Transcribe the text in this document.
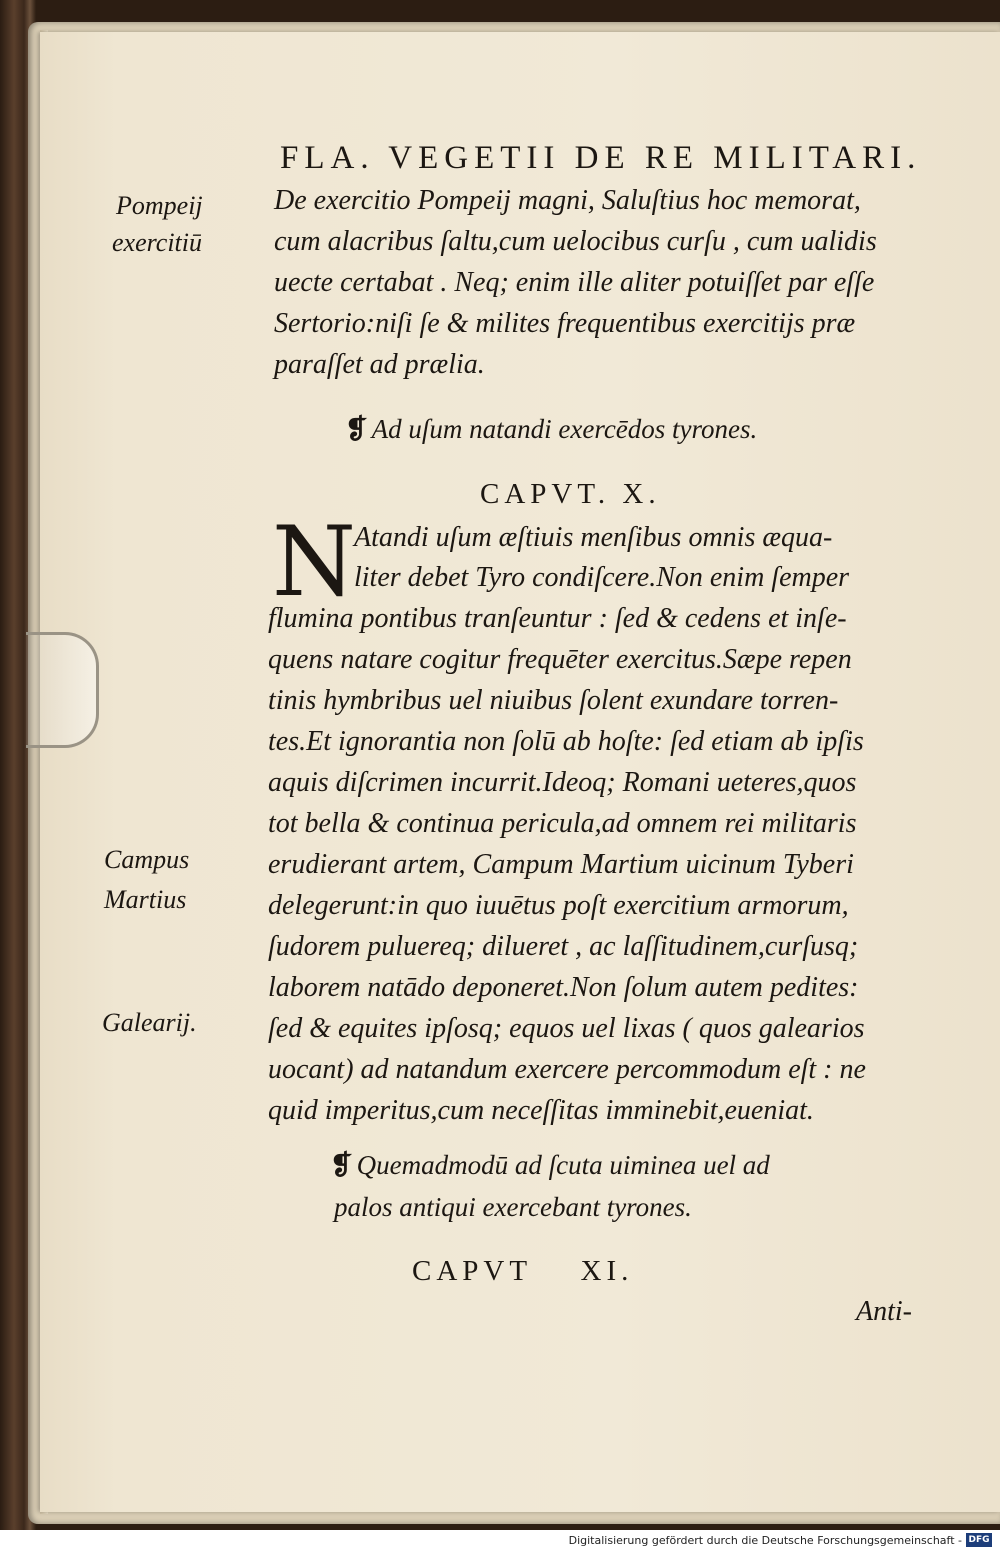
FLA. VEGETII DE RE MILITARI.
Pompeij
exercitiū
Campus
Martius
Galearij.
De exercitio Pompeij magni, Saluſtius hoc memorat,
cum alacribus ſaltu,cum uelocibus curſu , cum ualidis
uecte certabat . Neq; enim ille aliter potuiſſet par eſſe
Sertorio:niſi ſe & milites frequentibus exercitijs præ
paraſſet ad prælia.
❡ Ad uſum natandi exercēdos tyrones.
CAPVT. X.
N
Atandi uſum æſtiuis menſibus omnis æqua-
liter debet Tyro condiſcere.Non enim ſemper
flumina pontibus tranſeuntur : ſed & cedens et inſe-
quens natare cogitur frequēter exercitus.Sæpe repen
tinis hymbribus uel niuibus ſolent exundare torren-
tes.Et ignorantia non ſolū ab hoſte: ſed etiam ab ipſis
aquis diſcrimen incurrit.Ideoq; Romani ueteres,quos
tot bella & continua pericula,ad omnem rei militaris
erudierant artem, Campum Martium uicinum Tyberi
delegerunt:in quo iuuētus poſt exercitium armorum,
ſudorem puluereq; dilueret , ac laſſitudinem,curſusq;
laborem natādo deponeret.Non ſolum autem pedites:
ſed & equites ipſosq; equos uel lixas ( quos galearios
uocant) ad natandum exercere percommodum eſt : ne
quid imperitus,cum neceſſitas imminebit,eueniat.
❡ Quemadmodū ad ſcuta uiminea uel ad
palos antiqui exercebant tyrones.
CAPVT    XI.
Anti-
Digitalisierung gefördert durch die Deutsche Forschungsgemeinschaft - DFG
